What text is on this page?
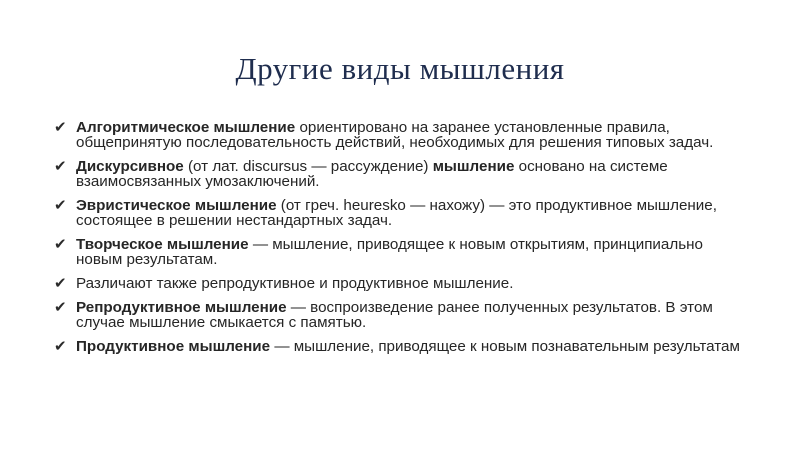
Другие виды мышления
✔ Алгоритмическое мышление ориентировано на заранее установленные правила, общепринятую последовательность действий, необходимых для решения типовых задач.
✔ Дискурсивное (от лат. discursus — рассуждение) мышление основано на системе взаимосвязанных умозаключений.
✔ Эвристическое мышление (от греч. heuresko — нахожу) — это продуктивное мышление, состоящее в решении нестандартных задач.
✔ Творческое мышление — мышление, приводящее к новым открытиям, принципиально новым результатам.
✔ Различают также репродуктивное и продуктивное мышление.
✔ Репродуктивное мышление — воспроизведение ранее полученных результатов. В этом случае мышление смыкается с памятью.
✔ Продуктивное мышление — мышление, приводящее к новым познавательным результатам
